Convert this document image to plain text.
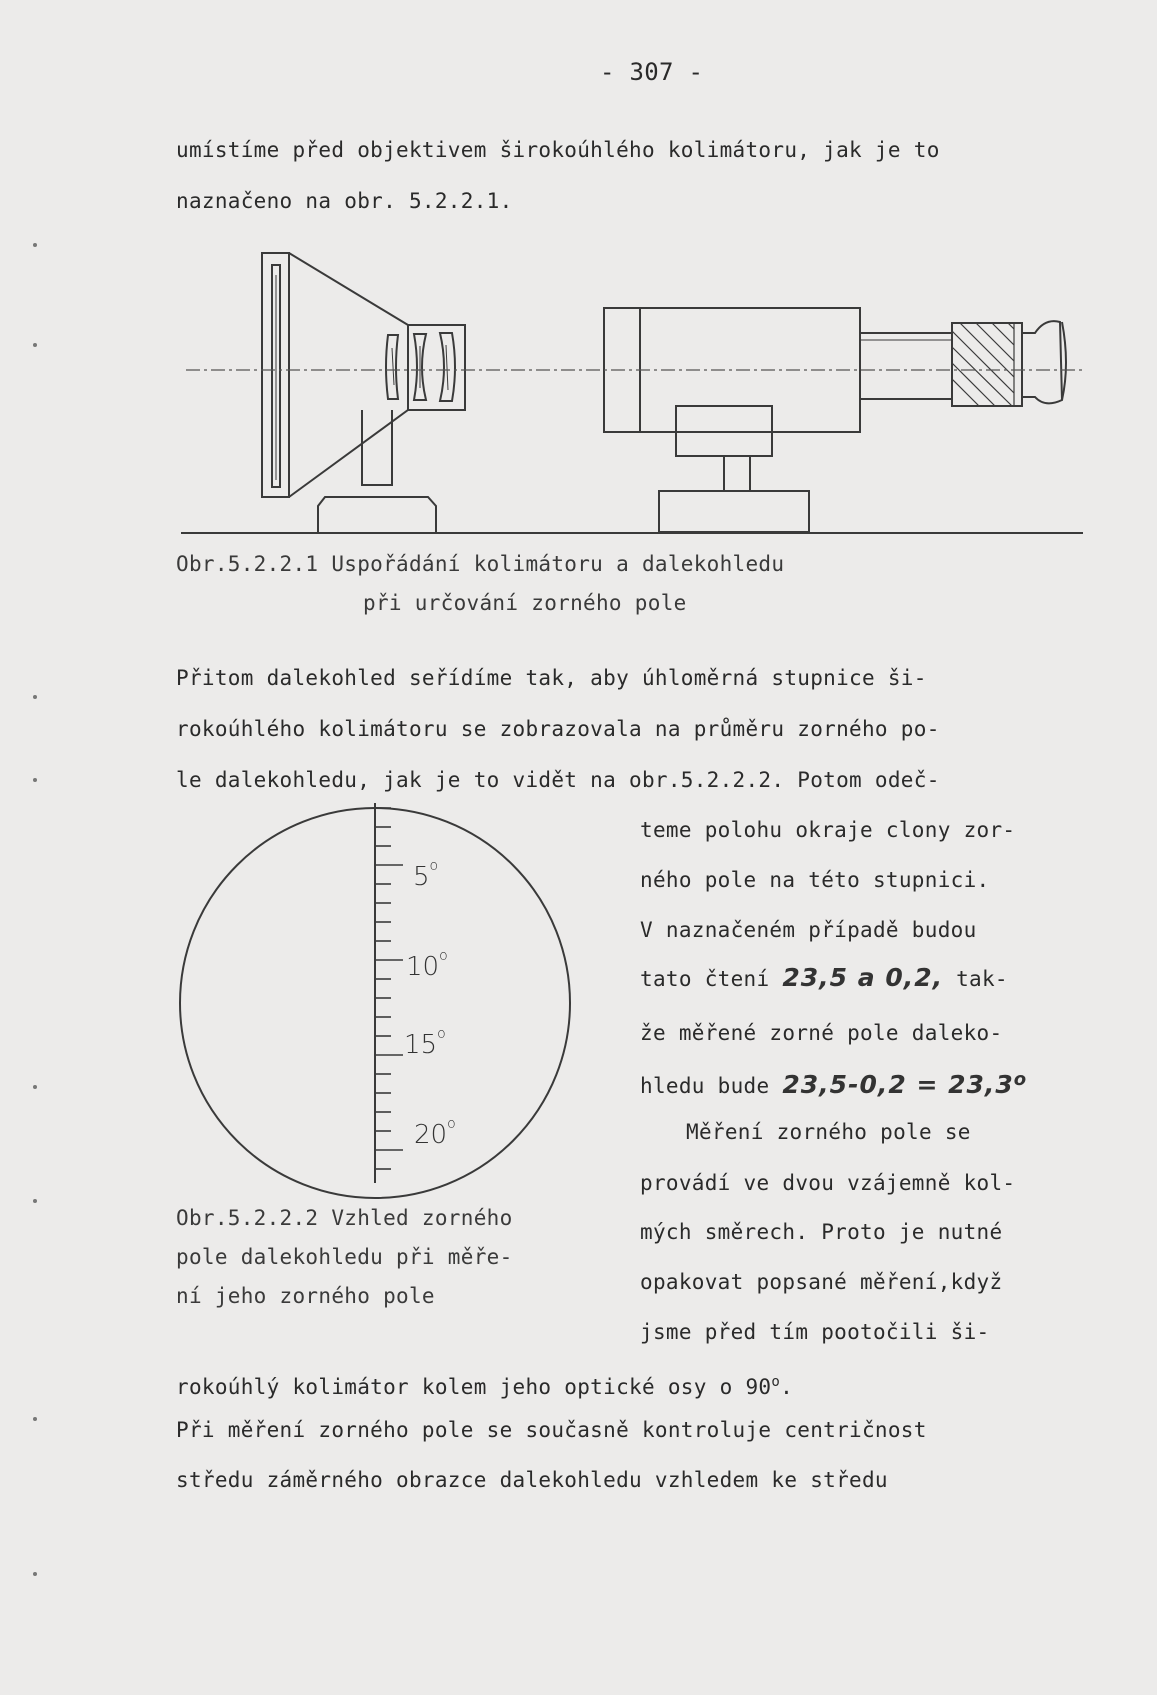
- 307 -
umístíme před objektivem širokoúhlého kolimátoru, jak je to
naznačeno na obr. 5.2.2.1.
Obr.5.2.2.1 Uspořádání kolimátoru a dalekohledu
při určování zorného pole
Přitom dalekohled seřídíme tak, aby úhloměrná stupnice ši-
rokoúhlého kolimátoru se zobrazovala na průměru zorného po-
le dalekohledu, jak je to vidět na obr.5.2.2.2. Potom odeč-
5$^o$
10$^o$
15$^o$
20$^o$
Obr.5.2.2.2 Vzhled zorného
pole dalekohledu při měře-
ní jeho zorného pole
teme polohu okraje clony zor-
ného pole na této stupnici.
V naznačeném případě budou
tato čtení 23,5 a 0,2, tak-
že měřené zorné pole daleko-
hledu bude $23,5-0,2 = 23,3^o$
Měření zorného pole se
provádí ve dvou vzájemně kol-
mých směrech. Proto je nutné
opakovat popsané měření,když
jsme před tím pootočili ši-
rokoúhlý kolimátor kolem jeho optické osy o 90$^o$.
Při měření zorného pole se současně kontroluje centričnost
středu záměrného obrazce dalekohledu vzhledem ke středu
